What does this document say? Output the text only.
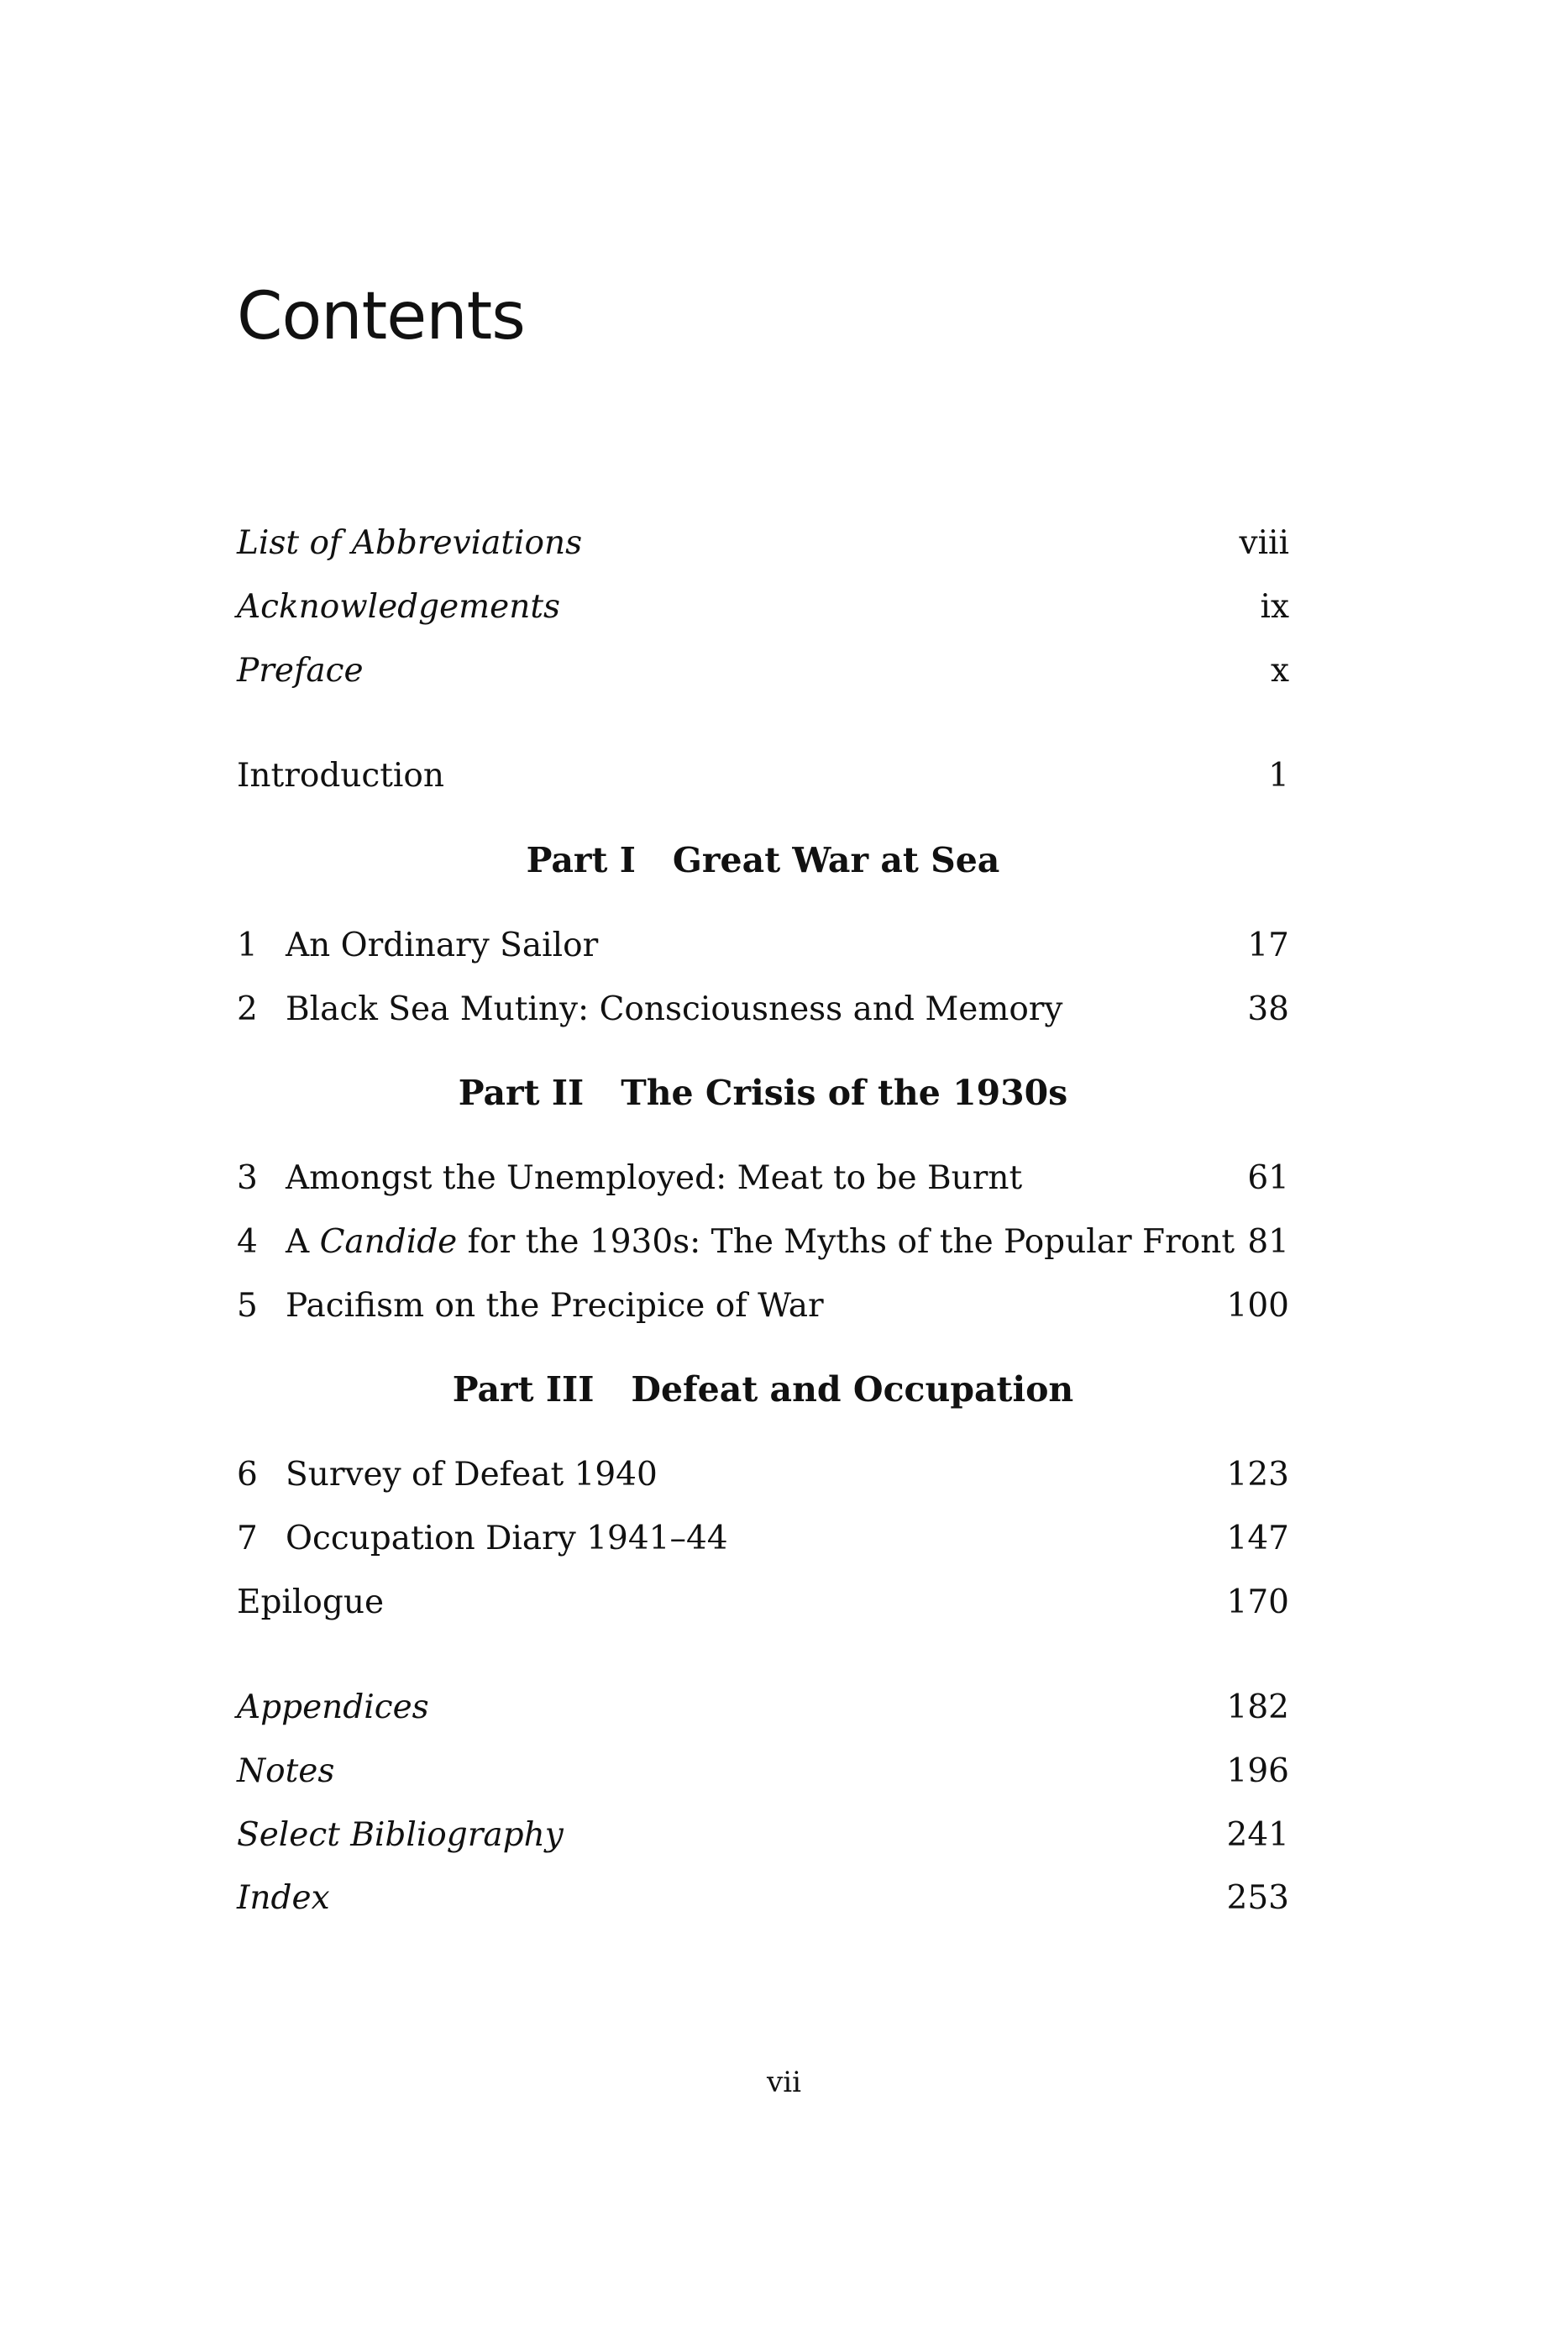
Contents
List of Abbreviations	viii
Acknowledgements	ix
Preface	x
Introduction	1
Part I Great War at Sea
1 An Ordinary Sailor	17
2 Black Sea Mutiny: Consciousness and Memory	38
Part II The Crisis of the 1930s
3 Amongst the Unemployed: Meat to be Burnt	61
4 A Candide for the 1930s: The Myths of the Popular Front 81
5 Pacifism on the Precipice of War	100
Part III Defeat and Occupation
6 Survey of Defeat 1940	123
7 Occupation Diary 1941–44	147
Epilogue	170
Appendices	182
Notes	196
Select Bibliography	241
Index	253
vii
